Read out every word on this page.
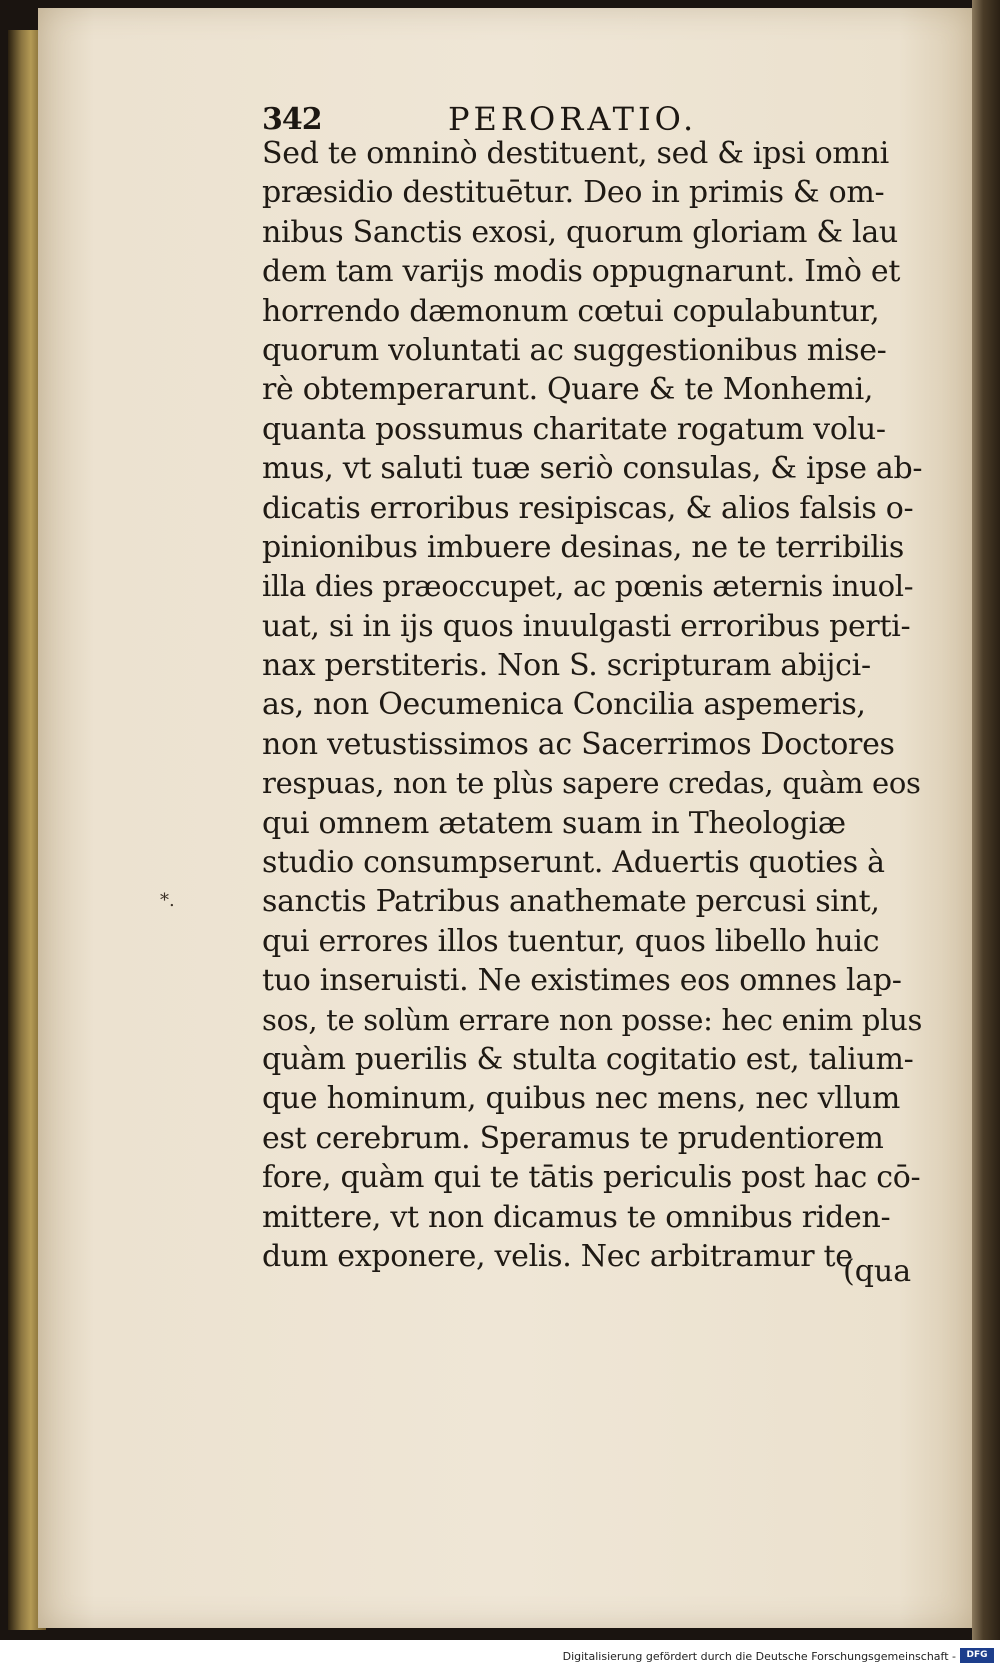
342	PERORATIO.
*.
Sed te omninò destituent, sed & ipsi omni
præsidio destituētur. Deo in primis & om-
nibus Sanctis exosi, quorum gloriam & lau
dem tam varijs modis oppugnarunt. Imò et
horrendo dæmonum cœtui copulabuntur,
quorum voluntati ac suggestionibus mise-
rè obtemperarunt. Quare & te Monhemi,
quanta possumus charitate rogatum volu-
mus, vt saluti tuæ seriò consulas, & ipse ab-
dicatis erroribus resipiscas, & alios falsis o-
pinionibus imbuere desinas, ne te terribilis
illa dies præoccupet, ac pœnis æternis inuol-
uat, si in ijs quos inuulgasti erroribus perti-
nax perstiteris. Non S. scripturam abijci-
as, non Oecumenica Concilia aspemeris,
non vetustissimos ac Sacerrimos Doctores
respuas, non te plùs sapere credas, quàm eos
qui omnem ætatem suam in Theologiæ
studio consumpserunt. Aduertis quoties à
sanctis Patribus anathemate percusi sint,
qui errores illos tuentur, quos libello huic
tuo inseruisti. Ne existimes eos omnes lap-
sos, te solùm errare non posse: hec enim plus
quàm puerilis & stulta cogitatio est, talium-
que hominum, quibus nec mens, nec vllum
est cerebrum. Speramus te prudentiorem
fore, quàm qui te tātis periculis post hac cō-
mittere, vt non dicamus te omnibus riden-
dum exponere, velis. Nec arbitramur te
(qua
Digitalisierung gefördert durch die Deutsche Forschungsgemeinschaft -	DFG
